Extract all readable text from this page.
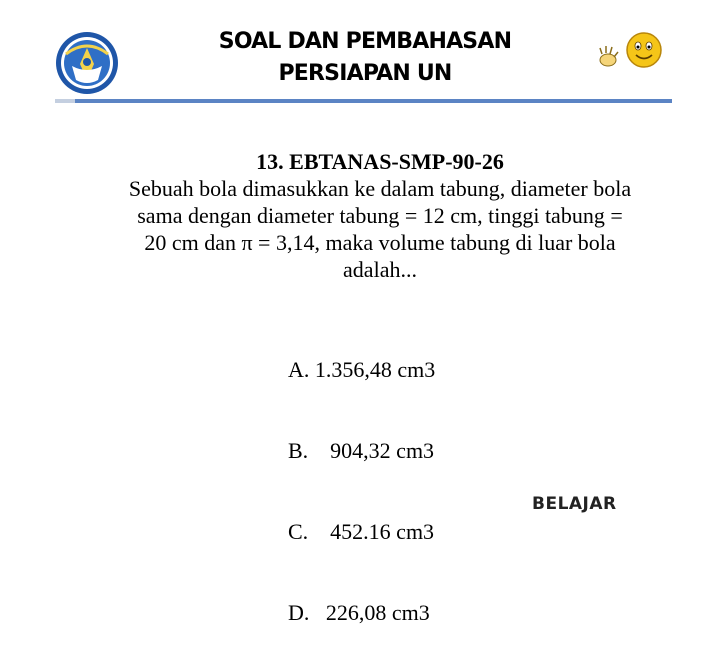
SOAL DAN PEMBAHASAN
PERSIAPAN UN
13. EBTANAS-SMP-90-26
Sebuah bola dimasukkan ke dalam tabung, diameter bola
sama dengan diameter tabung = 12 cm, tinggi tabung =
20 cm dan π = 3,14, maka volume tabung di luar bola
adalah...

A. 1.356,48 cm3

B.    904,32 cm3

C.    452.16 cm3

D.   226,08 cm3

BELAJAR
